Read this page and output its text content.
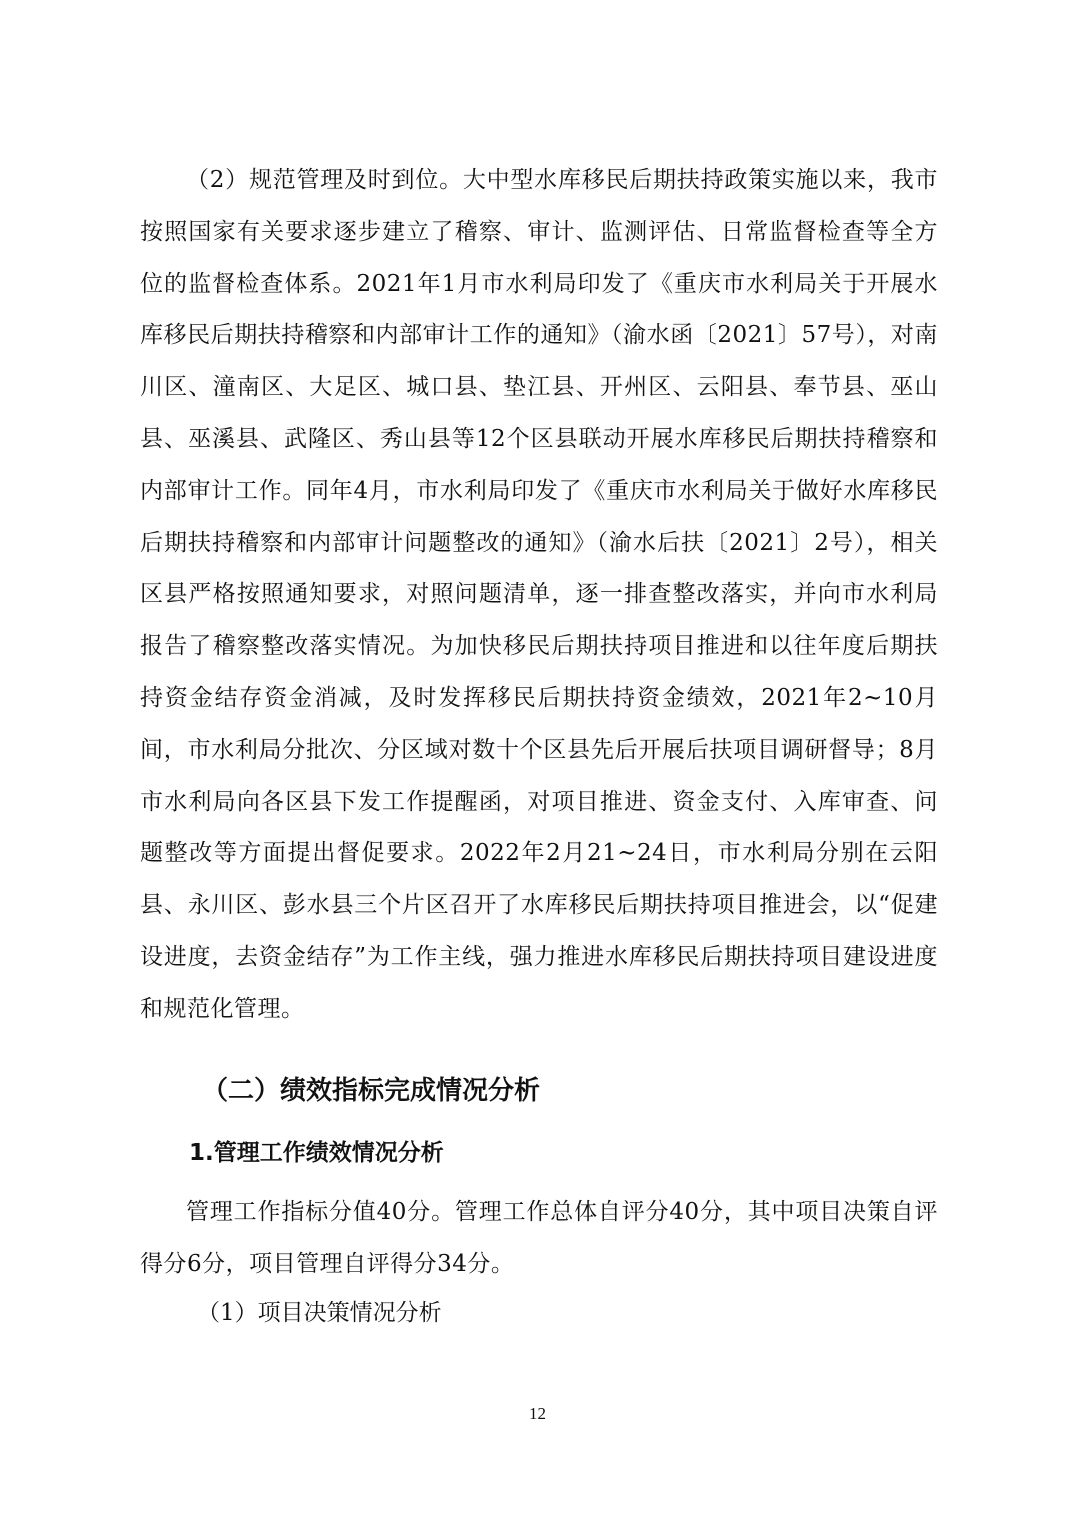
（2）规范管理及时到位。大中型水库移民后期扶持政策实施以来，我市按照国家有关要求逐步建立了稽察、审计、监测评估、日常监督检查等全方位的监督检查体系。2021年1月市水利局印发了《重庆市水利局关于开展水库移民后期扶持稽察和内部审计工作的通知》（渝水函〔2021〕57号），对南川区、潼南区、大足区、城口县、垫江县、开州区、云阳县、奉节县、巫山县、巫溪县、武隆区、秀山县等12个区县联动开展水库移民后期扶持稽察和内部审计工作。同年4月，市水利局印发了《重庆市水利局关于做好水库移民后期扶持稽察和内部审计问题整改的通知》（渝水后扶〔2021〕2号），相关区县严格按照通知要求，对照问题清单，逐一排查整改落实，并向市水利局报告了稽察整改落实情况。为加快移民后期扶持项目推进和以往年度后期扶持资金结存资金消减，及时发挥移民后期扶持资金绩效，2021年2~10月间，市水利局分批次、分区域对数十个区县先后开展后扶项目调研督导；8月市水利局向各区县下发工作提醒函，对项目推进、资金支付、入库审查、问题整改等方面提出督促要求。2022年2月21~24日，市水利局分别在云阳县、永川区、彭水县三个片区召开了水库移民后期扶持项目推进会，以“促建设进度，去资金结存”为工作主线，强力推进水库移民后期扶持项目建设进度和规范化管理。

（二）绩效指标完成情况分析
1.管理工作绩效情况分析

管理工作指标分值40分。管理工作总体自评分40分，其中项目决策自评得分6分，项目管理自评得分34分。

（1）项目决策情况分析

12
